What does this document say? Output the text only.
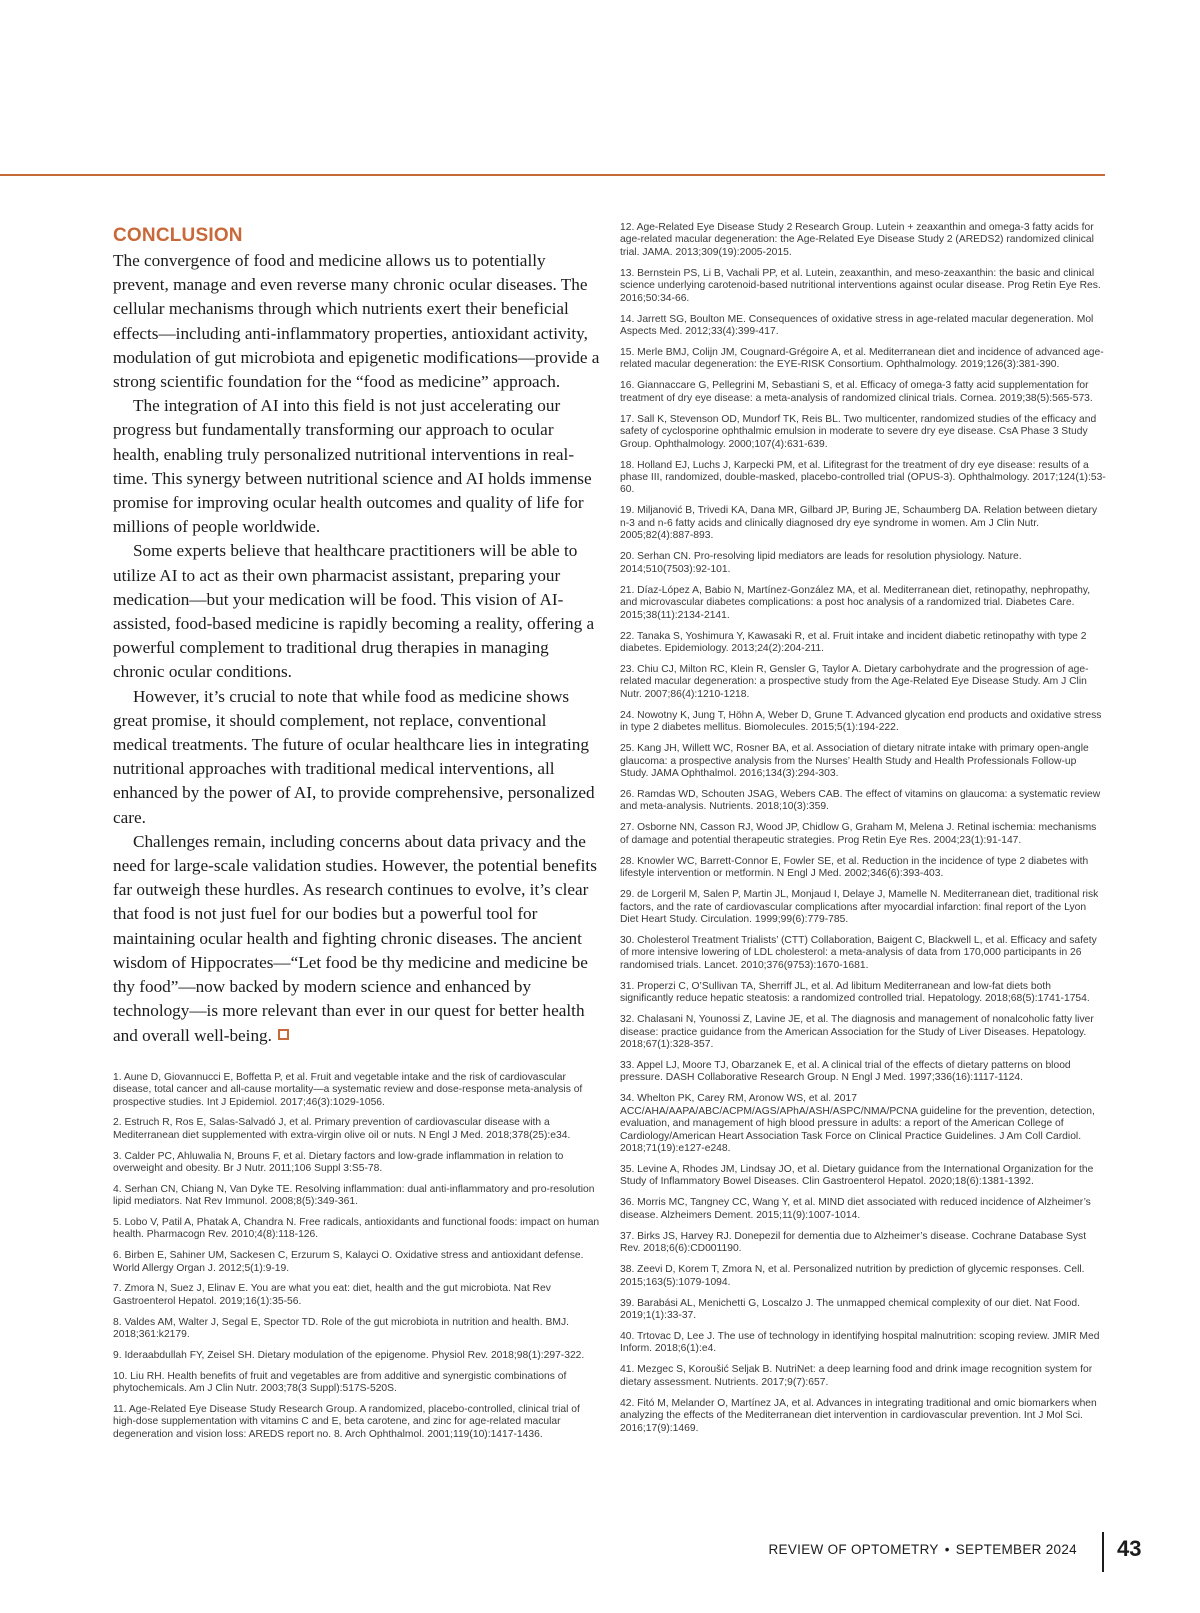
CONCLUSION

The convergence of food and medicine allows us to potentially prevent, manage and even reverse many chronic ocular diseases. The cellular mechanisms through which nutrients exert their beneficial effects—including anti-inflammatory properties, antioxidant activity, modulation of gut microbiota and epigenetic modifications—provide a strong scientific foundation for the “food as medicine” approach.

The integration of AI into this field is not just accelerating our progress but fundamentally transforming our approach to ocular health, enabling truly personalized nutritional interventions in real-time. This synergy between nutritional science and AI holds immense promise for improving ocular health outcomes and quality of life for millions of people worldwide.

Some experts believe that healthcare practitioners will be able to utilize AI to act as their own pharmacist assistant, preparing your medication—but your medication will be food. This vision of AI-assisted, food-based medicine is rapidly becoming a reality, offering a powerful complement to traditional drug therapies in managing chronic ocular conditions.

However, it’s crucial to note that while food as medicine shows great promise, it should complement, not replace, conventional medical treatments. The future of ocular healthcare lies in integrating nutritional approaches with traditional medical interventions, all enhanced by the power of AI, to provide comprehensive, personalized care.

Challenges remain, including concerns about data privacy and the need for large-scale validation studies. However, the potential benefits far outweigh these hurdles. As research continues to evolve, it’s clear that food is not just fuel for our bodies but a powerful tool for maintaining ocular health and fighting chronic diseases. The ancient wisdom of Hippocrates—“Let food be thy medicine and medicine be thy food”—now backed by modern science and enhanced by technology—is more relevant than ever in our quest for better health and overall well-being.

1. Aune D, Giovannucci E, Boffetta P, et al. Fruit and vegetable intake and the risk of cardiovascular disease, total cancer and all-cause mortality—a systematic review and dose-response meta-analysis of prospective studies. Int J Epidemiol. 2017;46(3):1029-1056.
2. Estruch R, Ros E, Salas-Salvadó J, et al. Primary prevention of cardiovascular disease with a Mediterranean diet supplemented with extra-virgin olive oil or nuts. N Engl J Med. 2018;378(25):e34.
3. Calder PC, Ahluwalia N, Brouns F, et al. Dietary factors and low-grade inflammation in relation to overweight and obesity. Br J Nutr. 2011;106 Suppl 3:S5-78.
4. Serhan CN, Chiang N, Van Dyke TE. Resolving inflammation: dual anti-inflammatory and pro-resolution lipid mediators. Nat Rev Immunol. 2008;8(5):349-361.
5. Lobo V, Patil A, Phatak A, Chandra N. Free radicals, antioxidants and functional foods: impact on human health. Pharmacogn Rev. 2010;4(8):118-126.
6. Birben E, Sahiner UM, Sackesen C, Erzurum S, Kalayci O. Oxidative stress and antioxidant defense. World Allergy Organ J. 2012;5(1):9-19.
7. Zmora N, Suez J, Elinav E. You are what you eat: diet, health and the gut microbiota. Nat Rev Gastroenterol Hepatol. 2019;16(1):35-56.
8. Valdes AM, Walter J, Segal E, Spector TD. Role of the gut microbiota in nutrition and health. BMJ. 2018;361:k2179.
9. Ideraabdullah FY, Zeisel SH. Dietary modulation of the epigenome. Physiol Rev. 2018;98(1):297-322.
10. Liu RH. Health benefits of fruit and vegetables are from additive and synergistic combinations of phytochemicals. Am J Clin Nutr. 2003;78(3 Suppl):517S-520S.
11. Age-Related Eye Disease Study Research Group. A randomized, placebo-controlled, clinical trial of high-dose supplementation with vitamins C and E, beta carotene, and zinc for age-related macular degeneration and vision loss: AREDS report no. 8. Arch Ophthalmol. 2001;119(10):1417-1436.
12. Age-Related Eye Disease Study 2 Research Group. Lutein + zeaxanthin and omega-3 fatty acids for age-related macular degeneration: the Age-Related Eye Disease Study 2 (AREDS2) randomized clinical trial. JAMA. 2013;309(19):2005-2015.
13. Bernstein PS, Li B, Vachali PP, et al. Lutein, zeaxanthin, and meso-zeaxanthin: the basic and clinical science underlying carotenoid-based nutritional interventions against ocular disease. Prog Retin Eye Res. 2016;50:34-66.
14. Jarrett SG, Boulton ME. Consequences of oxidative stress in age-related macular degeneration. Mol Aspects Med. 2012;33(4):399-417.
15. Merle BMJ, Colijn JM, Cougnard-Grégoire A, et al. Mediterranean diet and incidence of advanced age-related macular degeneration: the EYE-RISK Consortium. Ophthalmology. 2019;126(3):381-390.
16. Giannaccare G, Pellegrini M, Sebastiani S, et al. Efficacy of omega-3 fatty acid supplementation for treatment of dry eye disease: a meta-analysis of randomized clinical trials. Cornea. 2019;38(5):565-573.
17. Sall K, Stevenson OD, Mundorf TK, Reis BL. Two multicenter, randomized studies of the efficacy and safety of cyclosporine ophthalmic emulsion in moderate to severe dry eye disease. CsA Phase 3 Study Group. Ophthalmology. 2000;107(4):631-639.
18. Holland EJ, Luchs J, Karpecki PM, et al. Lifitegrast for the treatment of dry eye disease: results of a phase III, randomized, double-masked, placebo-controlled trial (OPUS-3). Ophthalmology. 2017;124(1):53-60.
19. Miljanović B, Trivedi KA, Dana MR, Gilbard JP, Buring JE, Schaumberg DA. Relation between dietary n-3 and n-6 fatty acids and clinically diagnosed dry eye syndrome in women. Am J Clin Nutr. 2005;82(4):887-893.
20. Serhan CN. Pro-resolving lipid mediators are leads for resolution physiology. Nature. 2014;510(7503):92-101.
21. Díaz-López A, Babio N, Martínez-González MA, et al. Mediterranean diet, retinopathy, nephropathy, and microvascular diabetes complications: a post hoc analysis of a randomized trial. Diabetes Care. 2015;38(11):2134-2141.
22. Tanaka S, Yoshimura Y, Kawasaki R, et al. Fruit intake and incident diabetic retinopathy with type 2 diabetes. Epidemiology. 2013;24(2):204-211.
23. Chiu CJ, Milton RC, Klein R, Gensler G, Taylor A. Dietary carbohydrate and the progression of age-related macular degeneration: a prospective study from the Age-Related Eye Disease Study. Am J Clin Nutr. 2007;86(4):1210-1218.
24. Nowotny K, Jung T, Höhn A, Weber D, Grune T. Advanced glycation end products and oxidative stress in type 2 diabetes mellitus. Biomolecules. 2015;5(1):194-222.
25. Kang JH, Willett WC, Rosner BA, et al. Association of dietary nitrate intake with primary open-angle glaucoma: a prospective analysis from the Nurses’ Health Study and Health Professionals Follow-up Study. JAMA Ophthalmol. 2016;134(3):294-303.
26. Ramdas WD, Schouten JSAG, Webers CAB. The effect of vitamins on glaucoma: a systematic review and meta-analysis. Nutrients. 2018;10(3):359.
27. Osborne NN, Casson RJ, Wood JP, Chidlow G, Graham M, Melena J. Retinal ischemia: mechanisms of damage and potential therapeutic strategies. Prog Retin Eye Res. 2004;23(1):91-147.
28. Knowler WC, Barrett-Connor E, Fowler SE, et al. Reduction in the incidence of type 2 diabetes with lifestyle intervention or metformin. N Engl J Med. 2002;346(6):393-403.
29. de Lorgeril M, Salen P, Martin JL, Monjaud I, Delaye J, Mamelle N. Mediterranean diet, traditional risk factors, and the rate of cardiovascular complications after myocardial infarction: final report of the Lyon Diet Heart Study. Circulation. 1999;99(6):779-785.
30. Cholesterol Treatment Trialists’ (CTT) Collaboration, Baigent C, Blackwell L, et al. Efficacy and safety of more intensive lowering of LDL cholesterol: a meta-analysis of data from 170,000 participants in 26 randomised trials. Lancet. 2010;376(9753):1670-1681.
31. Properzi C, O’Sullivan TA, Sherriff JL, et al. Ad libitum Mediterranean and low-fat diets both significantly reduce hepatic steatosis: a randomized controlled trial. Hepatology. 2018;68(5):1741-1754.
32. Chalasani N, Younossi Z, Lavine JE, et al. The diagnosis and management of nonalcoholic fatty liver disease: practice guidance from the American Association for the Study of Liver Diseases. Hepatology. 2018;67(1):328-357.
33. Appel LJ, Moore TJ, Obarzanek E, et al. A clinical trial of the effects of dietary patterns on blood pressure. DASH Collaborative Research Group. N Engl J Med. 1997;336(16):1117-1124.
34. Whelton PK, Carey RM, Aronow WS, et al. 2017 ACC/AHA/AAPA/ABC/ACPM/AGS/APhA/ASH/ASPC/NMA/PCNA guideline for the prevention, detection, evaluation, and management of high blood pressure in adults: a report of the American College of Cardiology/American Heart Association Task Force on Clinical Practice Guidelines. J Am Coll Cardiol. 2018;71(19):e127-e248.
35. Levine A, Rhodes JM, Lindsay JO, et al. Dietary guidance from the International Organization for the Study of Inflammatory Bowel Diseases. Clin Gastroenterol Hepatol. 2020;18(6):1381-1392.
36. Morris MC, Tangney CC, Wang Y, et al. MIND diet associated with reduced incidence of Alzheimer’s disease. Alzheimers Dement. 2015;11(9):1007-1014.
37. Birks JS, Harvey RJ. Donepezil for dementia due to Alzheimer’s disease. Cochrane Database Syst Rev. 2018;6(6):CD001190.
38. Zeevi D, Korem T, Zmora N, et al. Personalized nutrition by prediction of glycemic responses. Cell. 2015;163(5):1079-1094.
39. Barabási AL, Menichetti G, Loscalzo J. The unmapped chemical complexity of our diet. Nat Food. 2019;1(1):33-37.
40. Trtovac D, Lee J. The use of technology in identifying hospital malnutrition: scoping review. JMIR Med Inform. 2018;6(1):e4.
41. Mezgec S, Koroušić Seljak B. NutriNet: a deep learning food and drink image recognition system for dietary assessment. Nutrients. 2017;9(7):657.
42. Fitó M, Melander O, Martínez JA, et al. Advances in integrating traditional and omic biomarkers when analyzing the effects of the Mediterranean diet intervention in cardiovascular prevention. Int J Mol Sci. 2016;17(9):1469.
REVIEW OF OPTOMETRY • SEPTEMBER 2024 43
